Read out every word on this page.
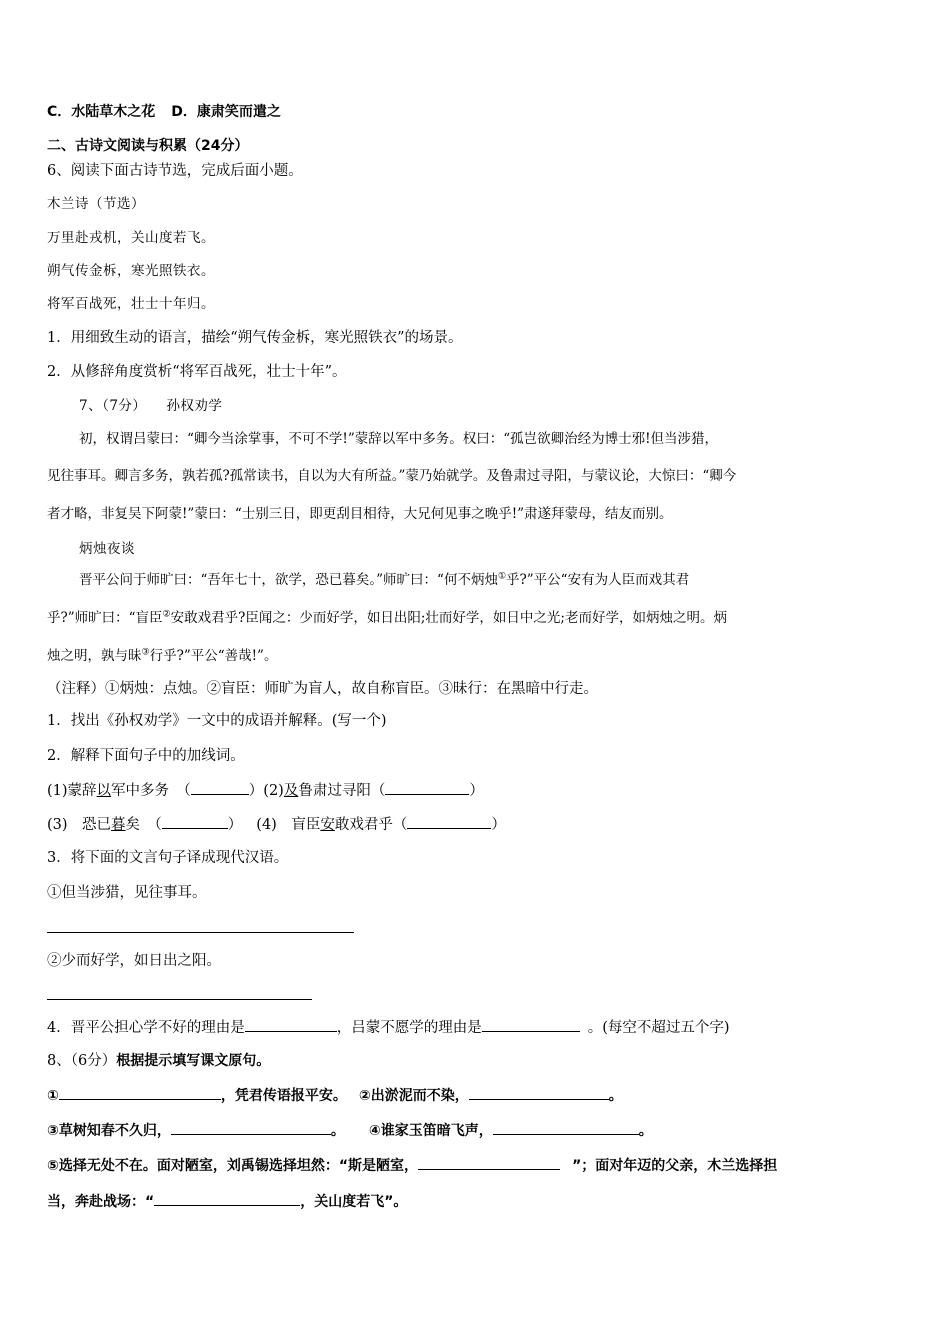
C．水陆草木之花 D．康肃笑而遣之
二、古诗文阅读与积累（24分）
6、阅读下面古诗节选，完成后面小题。
木兰诗（节选）
万里赴戎机，关山度若飞。
朔气传金柝，寒光照铁衣。
将军百战死，壮士十年归。
1．用细致生动的语言，描绘“朔气传金柝，寒光照铁衣”的场景。
2．从修辞角度赏析“将军百战死，壮士十年”。
7、（7分） 孙权劝学
初，权谓吕蒙曰：“卿今当涂掌事，不可不学!”蒙辞以军中多务。权曰：“孤岂欲卿治经为博士邪!但当涉猎，
见往事耳。卿言多务，孰若孤?孤常读书，自以为大有所益。”蒙乃始就学。及鲁肃过寻阳，与蒙议论，大惊曰：“卿今
者才略，非复吴下阿蒙!”蒙曰：“士别三日，即更刮目相待，大兄何见事之晚乎!”肃遂拜蒙母，结友而别。
炳烛夜谈
晋平公问于师旷曰：“吾年七十，欲学，恐已暮矣。”师旷曰：“何不炳烛①乎?”平公“安有为人臣而戏其君
乎?”师旷曰：“盲臣②安敢戏君乎?臣闻之：少而好学，如日出阳;壮而好学，如日中之光;老而好学，如炳烛之明。炳
烛之明，孰与昧③行乎?”平公“善哉!”。
（注释）①炳烛：点烛。②盲臣：师旷为盲人，故自称盲臣。③昧行：在黑暗中行走。
1．找出《孙权劝学》一文中的成语并解释。(写一个)
2．解释下面句子中的加线词。
(1)蒙辞以军中多务　（	）(2)及鲁肃过寻阳（	）
(3)　恐已暮矣　（	） (4)　盲臣安敢戏君乎（	）
3．将下面的文言句子译成现代汉语。
①但当涉猎，见往事耳。
②少而好学，如日出之阳。
4．晋平公担心学不好的理由是	，吕蒙不愿学的理由是	。(每空不超过五个字)
8、（6分）根据提示填写课文原句。
①	，凭君传语报平安。 ②出淤泥而不染，	。
③草树知春不久归，	。 ④谁家玉笛暗飞声，	。
⑤选择无处不在。面对陋室，刘禹锡选择坦然：“斯是陋室，	”；面对年迈的父亲，木兰选择担
当，奔赴战场：“	，关山度若飞”。
